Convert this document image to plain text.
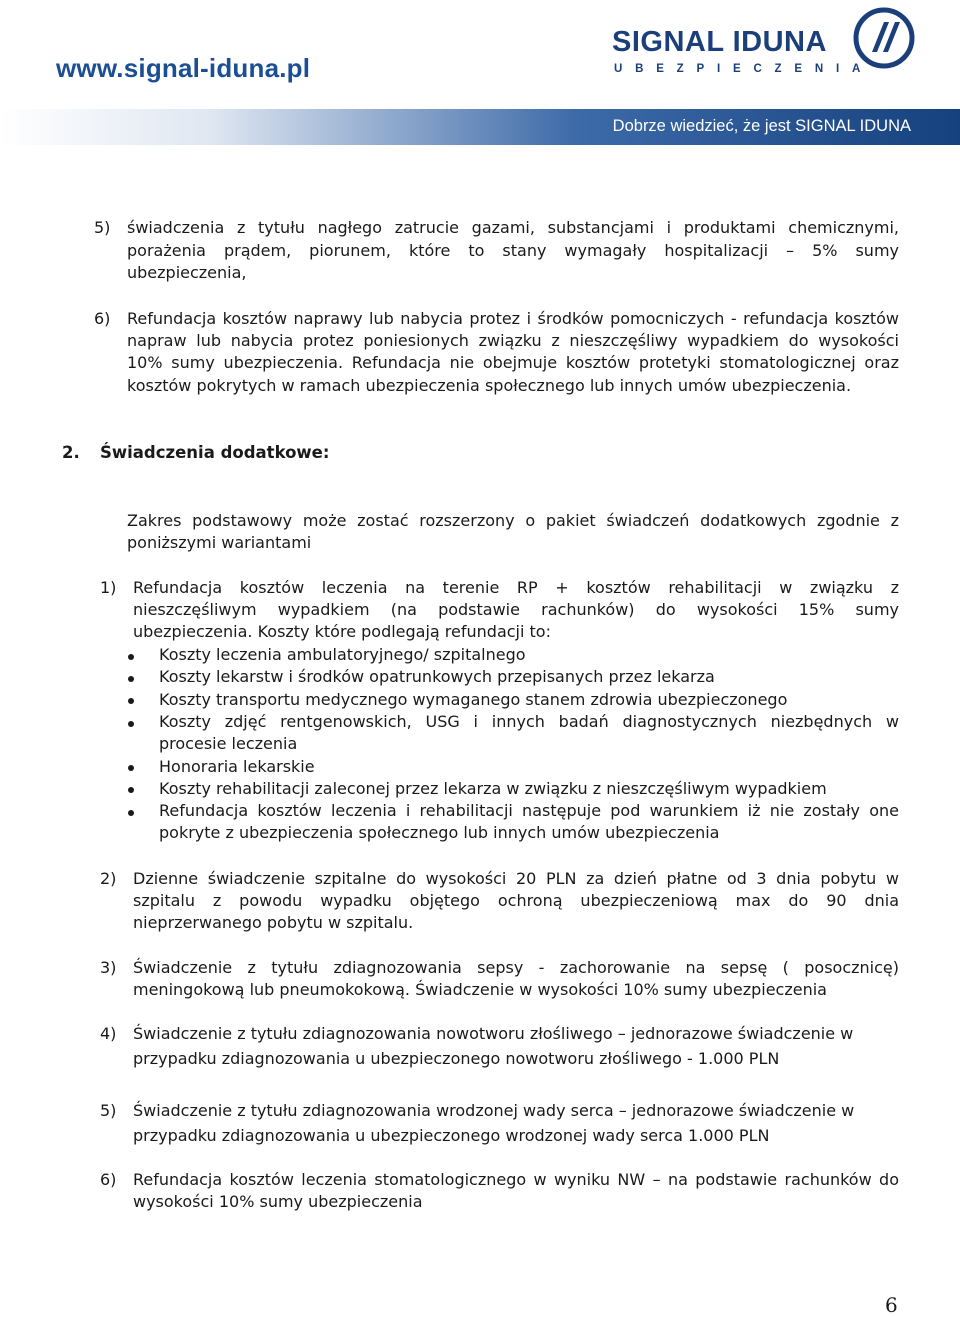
www.signal-iduna.pl
SIGNAL IDUNA
UBEZPIECZENIA
Dobrze wiedzieć, że jest SIGNAL IDUNA
5) świadczenia z tytułu nagłego zatrucie gazami, substancjami i produktami chemicznymi,
porażenia prądem, piorunem, które to stany wymagały hospitalizacji – 5% sumy
ubezpieczenia,
6) Refundacja kosztów naprawy lub nabycia protez i środków pomocniczych - refundacja kosztów
napraw lub nabycia protez poniesionych związku z nieszczęśliwy wypadkiem do wysokości
10% sumy ubezpieczenia. Refundacja nie obejmuje kosztów protetyki stomatologicznej oraz
kosztów pokrytych w ramach ubezpieczenia społecznego lub innych umów ubezpieczenia.
2. Świadczenia dodatkowe:
Zakres podstawowy może zostać rozszerzony o pakiet świadczeń dodatkowych zgodnie z
poniższymi wariantami
1) Refundacja kosztów leczenia na terenie RP + kosztów rehabilitacji w związku z
nieszczęśliwym wypadkiem (na podstawie rachunków) do wysokości 15% sumy
ubezpieczenia. Koszty które podlegają refundacji to:
Koszty leczenia ambulatoryjnego/ szpitalnego
Koszty lekarstw i środków opatrunkowych przepisanych przez lekarza
Koszty transportu medycznego wymaganego stanem zdrowia ubezpieczonego
Koszty zdjęć rentgenowskich, USG i innych badań diagnostycznych niezbędnych w
procesie leczenia
Honoraria lekarskie
Koszty rehabilitacji zaleconej przez lekarza w związku z nieszczęśliwym wypadkiem
Refundacja kosztów leczenia i rehabilitacji następuje pod warunkiem iż nie zostały one
pokryte z ubezpieczenia społecznego lub innych umów ubezpieczenia
2) Dzienne świadczenie szpitalne do wysokości 20 PLN za dzień płatne od 3 dnia pobytu w
szpitalu z powodu wypadku objętego ochroną ubezpieczeniową max do 90 dnia
nieprzerwanego pobytu w szpitalu.
3) Świadczenie z tytułu zdiagnozowania sepsy - zachorowanie na sepsę ( posocznicę)
meningokową lub pneumokokową. Świadczenie w wysokości 10% sumy ubezpieczenia
4) Świadczenie z tytułu zdiagnozowania nowotworu złośliwego – jednorazowe świadczenie w
przypadku zdiagnozowania u ubezpieczonego nowotworu złośliwego - 1.000 PLN
5) Świadczenie z tytułu zdiagnozowania wrodzonej wady serca – jednorazowe świadczenie w
przypadku zdiagnozowania u ubezpieczonego wrodzonej wady serca 1.000 PLN
6) Refundacja kosztów leczenia stomatologicznego w wyniku NW – na podstawie rachunków do
wysokości 10% sumy ubezpieczenia
6
